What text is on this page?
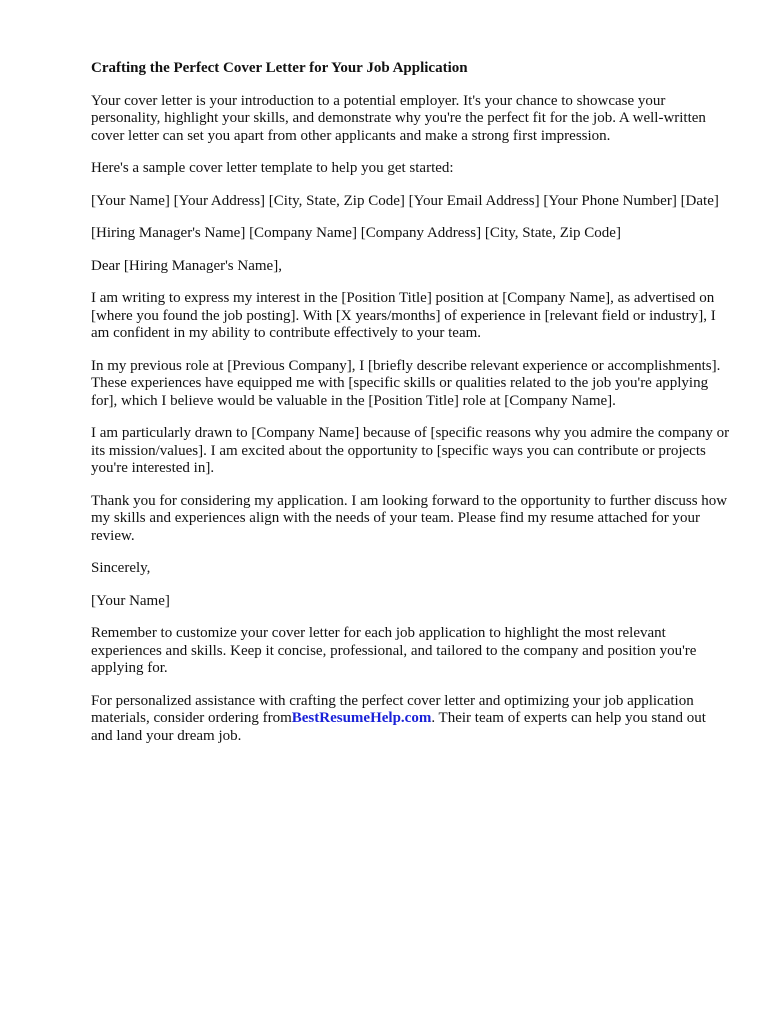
Crafting the Perfect Cover Letter for Your Job Application

Your cover letter is your introduction to a potential employer. It's your chance to showcase your personality, highlight your skills, and demonstrate why you're the perfect fit for the job. A well-written cover letter can set you apart from other applicants and make a strong first impression.

Here's a sample cover letter template to help you get started:

[Your Name] [Your Address] [City, State, Zip Code] [Your Email Address] [Your Phone Number] [Date]

[Hiring Manager's Name] [Company Name] [Company Address] [City, State, Zip Code]

Dear [Hiring Manager's Name],

I am writing to express my interest in the [Position Title] position at [Company Name], as advertised on [where you found the job posting]. With [X years/months] of experience in [relevant field or industry], I am confident in my ability to contribute effectively to your team.

In my previous role at [Previous Company], I [briefly describe relevant experience or accomplishments]. These experiences have equipped me with [specific skills or qualities related to the job you're applying for], which I believe would be valuable in the [Position Title] role at [Company Name].

I am particularly drawn to [Company Name] because of [specific reasons why you admire the company or its mission/values]. I am excited about the opportunity to [specific ways you can contribute or projects you're interested in].

Thank you for considering my application. I am looking forward to the opportunity to further discuss how my skills and experiences align with the needs of your team. Please find my resume attached for your review.

Sincerely,

[Your Name]

Remember to customize your cover letter for each job application to highlight the most relevant experiences and skills. Keep it concise, professional, and tailored to the company and position you're applying for.

For personalized assistance with crafting the perfect cover letter and optimizing your job application materials, consider ordering fromBestResumeHelp.com. Their team of experts can help you stand out and land your dream job.
